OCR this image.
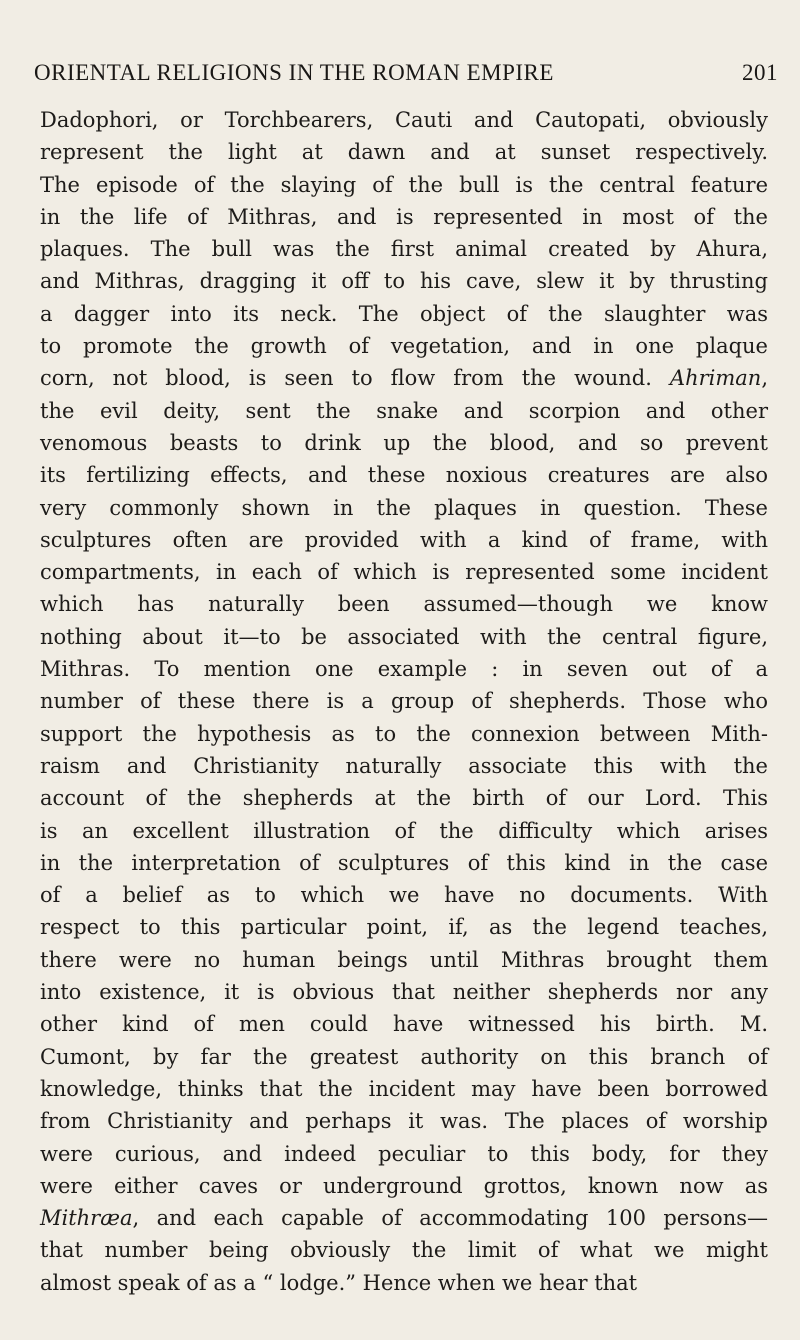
ORIENTAL RELIGIONS IN THE ROMAN EMPIRE	201
Dadophori, or Torchbearers, Cauti and Cautopati, obviously
represent the light at dawn and at sunset respectively.
The episode of the slaying of the bull is the central feature
in the life of Mithras, and is represented in most of the
plaques. The bull was the first animal created by Ahura,
and Mithras, dragging it off to his cave, slew it by thrusting
a dagger into its neck. The object of the slaughter was
to promote the growth of vegetation, and in one plaque
corn, not blood, is seen to flow from the wound. Ahriman,
the evil deity, sent the snake and scorpion and other
venomous beasts to drink up the blood, and so prevent
its fertilizing effects, and these noxious creatures are also
very commonly shown in the plaques in question. These
sculptures often are provided with a kind of frame, with
compartments, in each of which is represented some incident
which has naturally been assumed—though we know
nothing about it—to be associated with the central figure,
Mithras. To mention one example : in seven out of a
number of these there is a group of shepherds. Those who
support the hypothesis as to the connexion between Mith-
raism and Christianity naturally associate this with the
account of the shepherds at the birth of our Lord. This
is an excellent illustration of the difficulty which arises
in the interpretation of sculptures of this kind in the case
of a belief as to which we have no documents. With
respect to this particular point, if, as the legend teaches,
there were no human beings until Mithras brought them
into existence, it is obvious that neither shepherds nor any
other kind of men could have witnessed his birth. M.
Cumont, by far the greatest authority on this branch of
knowledge, thinks that the incident may have been borrowed
from Christianity and perhaps it was. The places of worship
were curious, and indeed peculiar to this body, for they
were either caves or underground grottos, known now as
Mithræa, and each capable of accommodating 100 persons—
that number being obviously the limit of what we might
almost speak of as a “ lodge.” Hence when we hear that
